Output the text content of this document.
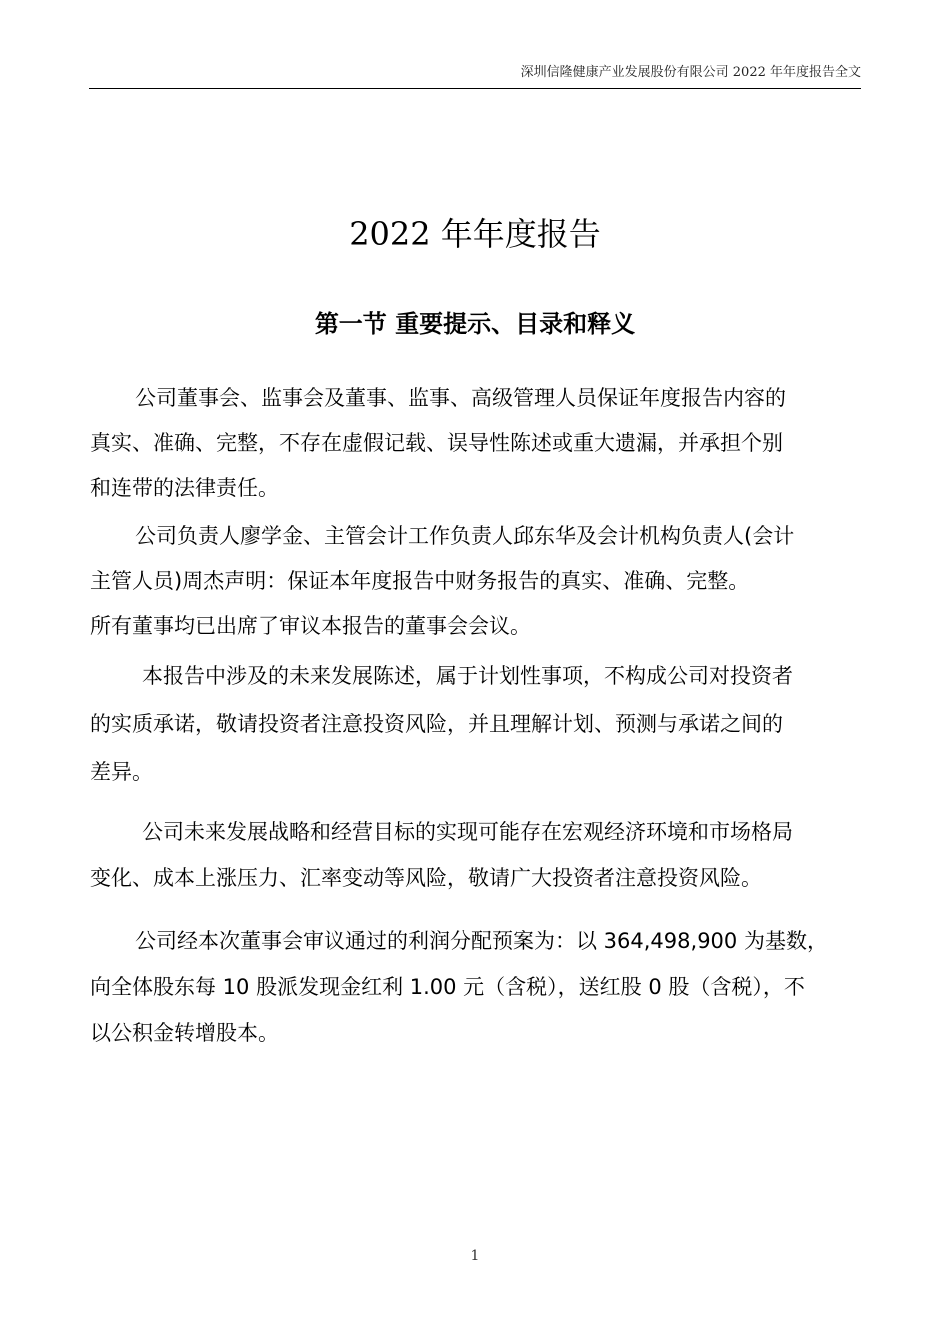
深圳信隆健康产业发展股份有限公司 2022 年年度报告全文
2022 年年度报告
第一节 重要提示、目录和释义
公司董事会、监事会及董事、监事、高级管理人员保证年度报告内容的
真实、准确、完整，不存在虚假记载、误导性陈述或重大遗漏，并承担个别
和连带的法律责任。
公司负责人廖学金、主管会计工作负责人邱东华及会计机构负责人(会计
主管人员)周杰声明：保证本年度报告中财务报告的真实、准确、完整。
所有董事均已出席了审议本报告的董事会会议。
本报告中涉及的未来发展陈述，属于计划性事项，不构成公司对投资者
的实质承诺，敬请投资者注意投资风险，并且理解计划、预测与承诺之间的
差异。
公司未来发展战略和经营目标的实现可能存在宏观经济环境和市场格局
变化、成本上涨压力、汇率变动等风险，敬请广大投资者注意投资风险。
公司经本次董事会审议通过的利润分配预案为：以 364,498,900 为基数，
向全体股东每 10 股派发现金红利 1.00 元（含税），送红股 0 股（含税），不
以公积金转增股本。
1
